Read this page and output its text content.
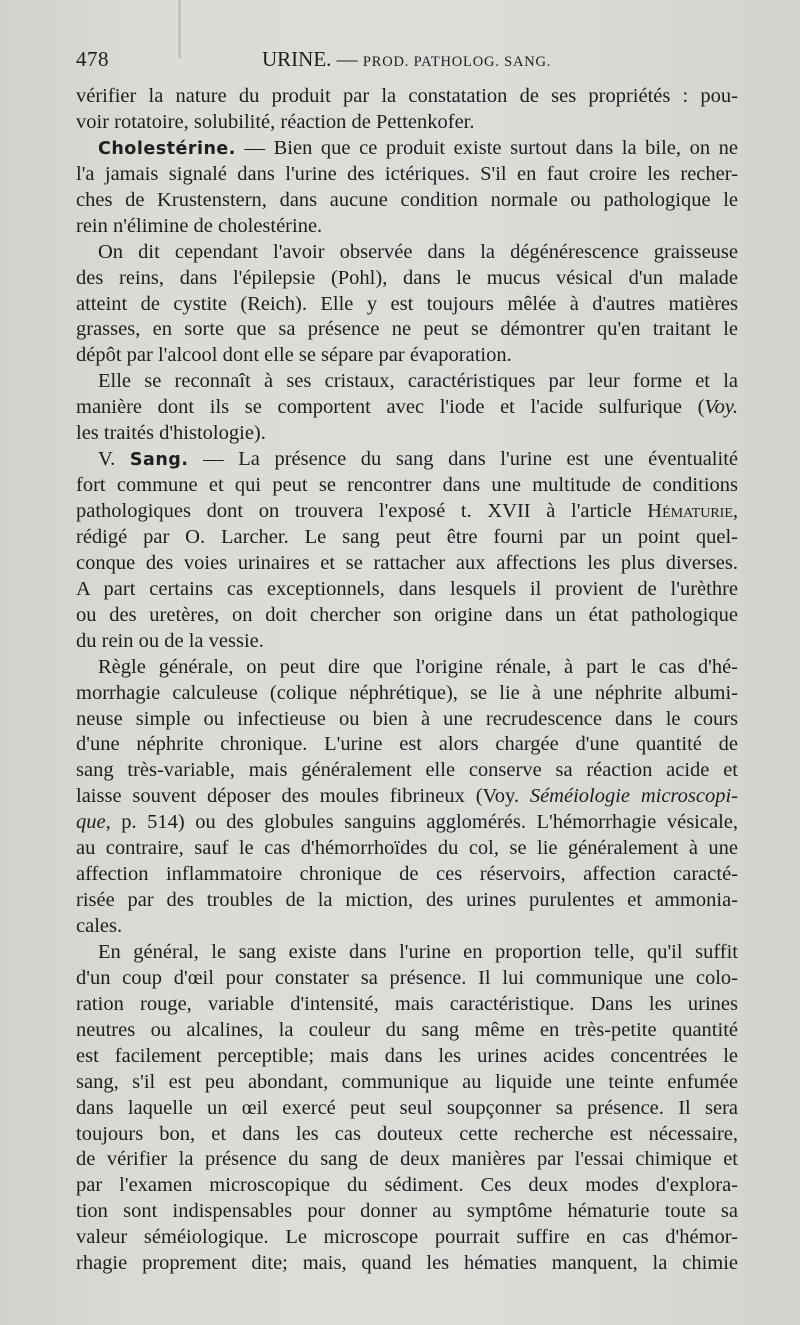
478	URINE. — PROD. PATHOLOG. SANG.
vérifier la nature du produit par la constatation de ses propriétés : pou-
voir rotatoire, solubilité, réaction de Pettenkofer.
Cholestérine. — Bien que ce produit existe surtout dans la bile, on ne
l'a jamais signalé dans l'urine des ictériques. S'il en faut croire les recher-
ches de Krustenstern, dans aucune condition normale ou pathologique le
rein n'élimine de cholestérine.
On dit cependant l'avoir observée dans la dégénérescence graisseuse
des reins, dans l'épilepsie (Pohl), dans le mucus vésical d'un malade
atteint de cystite (Reich). Elle y est toujours mêlée à d'autres matières
grasses, en sorte que sa présence ne peut se démontrer qu'en traitant le
dépôt par l'alcool dont elle se sépare par évaporation.
Elle se reconnaît à ses cristaux, caractéristiques par leur forme et la
manière dont ils se comportent avec l'iode et l'acide sulfurique (Voy.
les traités d'histologie).
V. Sang. — La présence du sang dans l'urine est une éventualité
fort commune et qui peut se rencontrer dans une multitude de conditions
pathologiques dont on trouvera l'exposé t. XVII à l'article Hématurie,
rédigé par O. Larcher. Le sang peut être fourni par un point quel-
conque des voies urinaires et se rattacher aux affections les plus diverses.
A part certains cas exceptionnels, dans lesquels il provient de l'urèthre
ou des uretères, on doit chercher son origine dans un état pathologique
du rein ou de la vessie.
Règle générale, on peut dire que l'origine rénale, à part le cas d'hé-
morrhagie calculeuse (colique néphrétique), se lie à une néphrite albumi-
neuse simple ou infectieuse ou bien à une recrudescence dans le cours
d'une néphrite chronique. L'urine est alors chargée d'une quantité de
sang très-variable, mais généralement elle conserve sa réaction acide et
laisse souvent déposer des moules fibrineux (Voy. Séméiologie microscopi-
que, p. 514) ou des globules sanguins agglomérés. L'hémorrhagie vésicale,
au contraire, sauf le cas d'hémorrhoïdes du col, se lie généralement à une
affection inflammatoire chronique de ces réservoirs, affection caracté-
risée par des troubles de la miction, des urines purulentes et ammonia-
cales.
En général, le sang existe dans l'urine en proportion telle, qu'il suffit
d'un coup d'œil pour constater sa présence. Il lui communique une colo-
ration rouge, variable d'intensité, mais caractéristique. Dans les urines
neutres ou alcalines, la couleur du sang même en très-petite quantité
est facilement perceptible; mais dans les urines acides concentrées le
sang, s'il est peu abondant, communique au liquide une teinte enfumée
dans laquelle un œil exercé peut seul soupçonner sa présence. Il sera
toujours bon, et dans les cas douteux cette recherche est nécessaire,
de vérifier la présence du sang de deux manières par l'essai chimique et
par l'examen microscopique du sédiment. Ces deux modes d'explora-
tion sont indispensables pour donner au symptôme hématurie toute sa
valeur séméiologique. Le microscope pourrait suffire en cas d'hémor-
rhagie proprement dite; mais, quand les hématies manquent, la chimie
